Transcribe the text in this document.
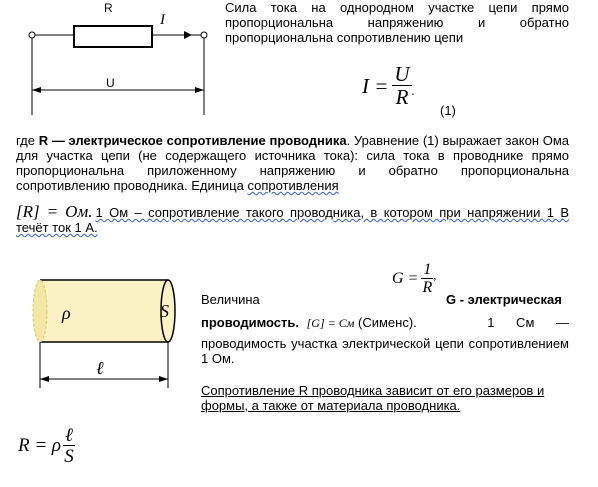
R
I
U
Сила тока на однородном участке цепи прямо пропорциональна напряжению и обратно пропорциональна сопротивлению цепи
$I = \frac{U}{R}$ .
(1)
где R — электрическое сопротивление проводника. Уравнение (1) выражает закон Ома для участка цепи (не содержащего источника тока): сила тока в проводнике прямо пропорциональна приложенному напряжению и обратно пропорциональна сопротивлению проводника. Единица сопротивления
[R] = Ом. 1 Ом – сопротивление такого проводника, в котором при напряжении 1 В течёт ток 1 А.
ρ	S
ℓ
$G = \frac{1}{R}$ ,
Величина	G - электрическая
проводимость. [G] = См (Сименс).	1 См —
проводимость участка электрической цепи сопротивлением 1 Ом.
Сопротивление R проводника зависит от его размеров и формы, а также от материала проводника.
R = ρ $\frac{\text{ℓ}}{S}$
